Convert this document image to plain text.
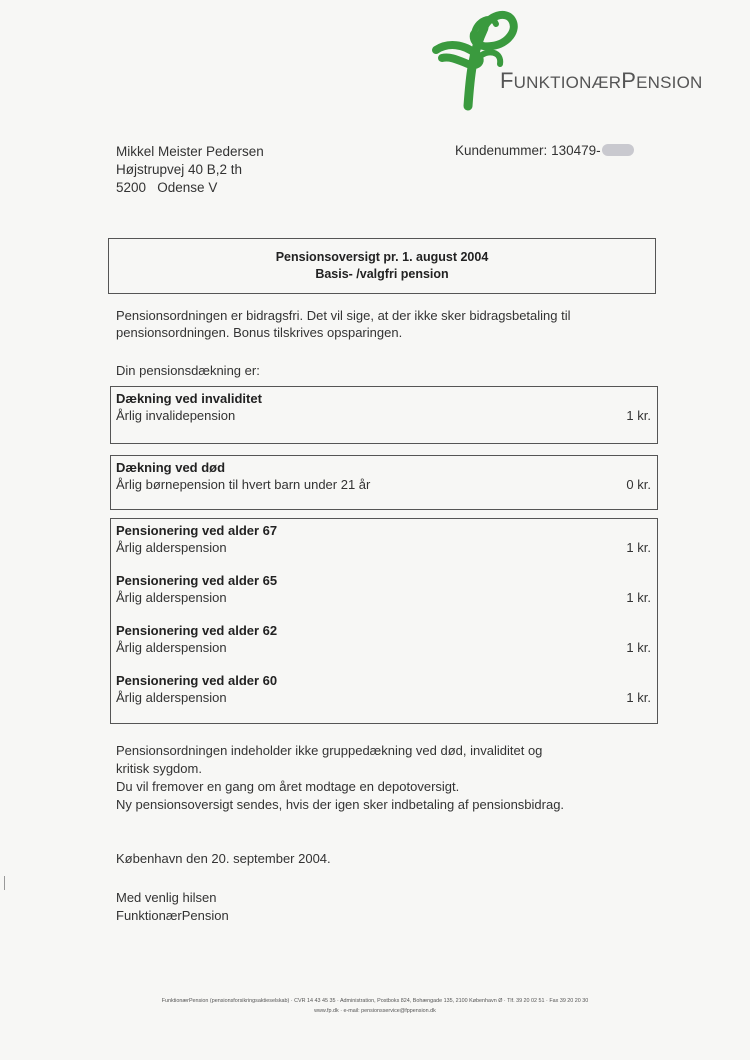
FUNKTIONÆRPENSION
Mikkel Meister Pedersen
Højstrupvej 40 B,2 th
5200   Odense V
Kundenummer: 130479-
Pensionsoversigt pr. 1. august 2004
Basis- /valgfri pension
Pensionsordningen er bidragsfri. Det vil sige, at der ikke sker bidragsbetaling til pensionsordningen. Bonus tilskrives opsparingen.
Din pensionsdækning er:
Dækning ved invaliditet
Årlig invalidepension	1 kr.
Dækning ved død
Årlig børnepension til hvert barn under 21 år	0 kr.
Pensionering ved alder 67
Årlig alderspension	1 kr.
Pensionering ved alder 65
Årlig alderspension	1 kr.
Pensionering ved alder 62
Årlig alderspension	1 kr.
Pensionering ved alder 60
Årlig alderspension	1 kr.
Pensionsordningen indeholder ikke gruppedækning ved død, invaliditet og
kritisk sygdom.
Du vil fremover en gang om året modtage en depotoversigt.
Ny pensionsoversigt sendes, hvis der igen sker indbetaling af pensionsbidrag.
København den 20. september 2004.
Med venlig hilsen
FunktionærPension
FunktionærPension (pensionsforsikringsaktieselskab) · CVR 14 43 45 35 · Administration, Postboks 824, Bohængade 135, 2100 København Ø · Tlf. 39 20 02 51 · Fax 39 20 20 30
www.fp.dk · e-mail: pensionsservice@fppension.dk
